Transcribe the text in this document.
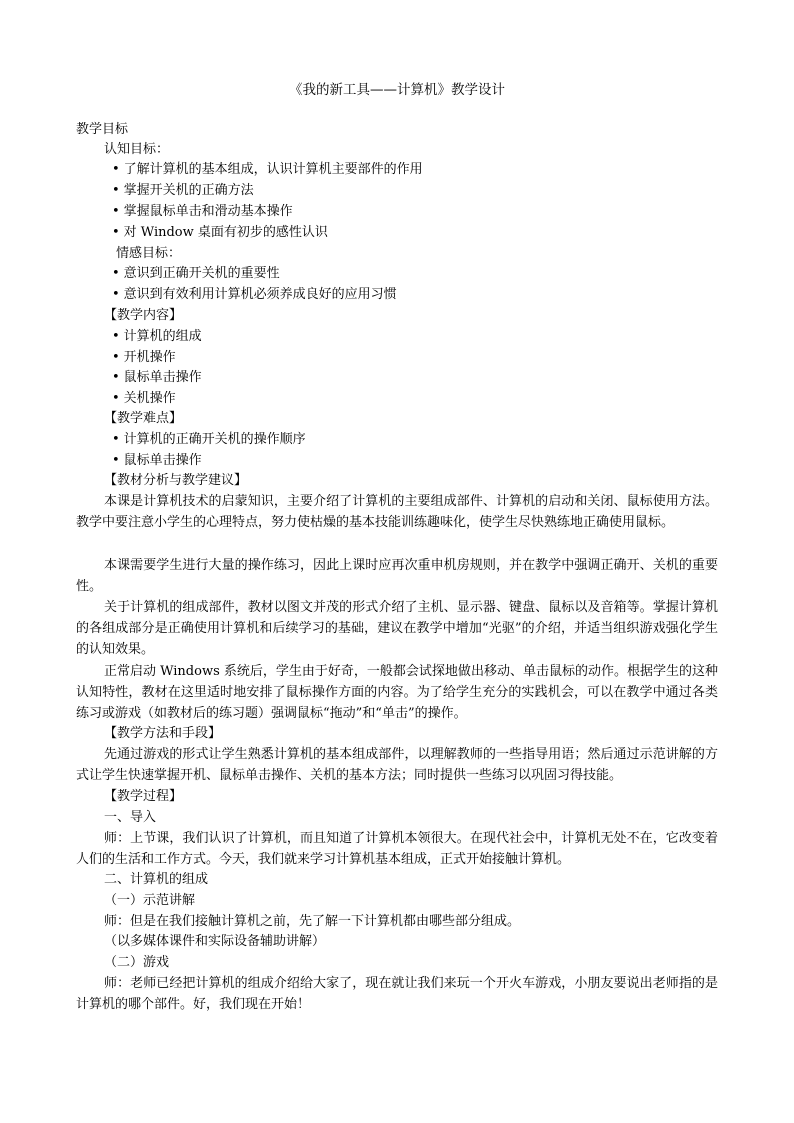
《我的新工具——计算机》教学设计
教学目标
认知目标：
• 了解计算机的基本组成，认识计算机主要部件的作用
• 掌握开关机的正确方法
• 掌握鼠标单击和滑动基本操作
• 对 Window 桌面有初步的感性认识
情感目标：
• 意识到正确开关机的重要性
• 意识到有效利用计算机必须养成良好的应用习惯
【教学内容】
• 计算机的组成
• 开机操作
• 鼠标单击操作
• 关机操作
【教学难点】
• 计算机的正确开关机的操作顺序
• 鼠标单击操作
【教材分析与教学建议】
本课是计算机技术的启蒙知识，主要介绍了计算机的主要组成部件、计算机的启动和关闭、鼠标使用方法。教学中要注意小学生的心理特点，努力使枯燥的基本技能训练趣味化，使学生尽快熟练地正确使用鼠标。
本课需要学生进行大量的操作练习，因此上课时应再次重申机房规则，并在教学中强调正确开、关机的重要性。
关于计算机的组成部件，教材以图文并茂的形式介绍了主机、显示器、键盘、鼠标以及音箱等。掌握计算机的各组成部分是正确使用计算机和后续学习的基础，建议在教学中增加“光驱”的介绍，并适当组织游戏强化学生的认知效果。
正常启动 Windows 系统后，学生由于好奇，一般都会试探地做出移动、单击鼠标的动作。根据学生的这种认知特性，教材在这里适时地安排了鼠标操作方面的内容。为了给学生充分的实践机会，可以在教学中通过各类练习或游戏（如教材后的练习题）强调鼠标“拖动”和“单击”的操作。
【教学方法和手段】
先通过游戏的形式让学生熟悉计算机的基本组成部件，以理解教师的一些指导用语；然后通过示范讲解的方式让学生快速掌握开机、鼠标单击操作、关机的基本方法；同时提供一些练习以巩固习得技能。
【教学过程】
一、导入
师：上节课，我们认识了计算机，而且知道了计算机本领很大。在现代社会中，计算机无处不在，它改变着人们的生活和工作方式。今天，我们就来学习计算机基本组成，正式开始接触计算机。
二、计算机的组成
（一）示范讲解
师：但是在我们接触计算机之前，先了解一下计算机都由哪些部分组成。
（以多媒体课件和实际设备辅助讲解）
（二）游戏
师：老师已经把计算机的组成介绍给大家了，现在就让我们来玩一个开火车游戏，小朋友要说出老师指的是计算机的哪个部件。好，我们现在开始！
